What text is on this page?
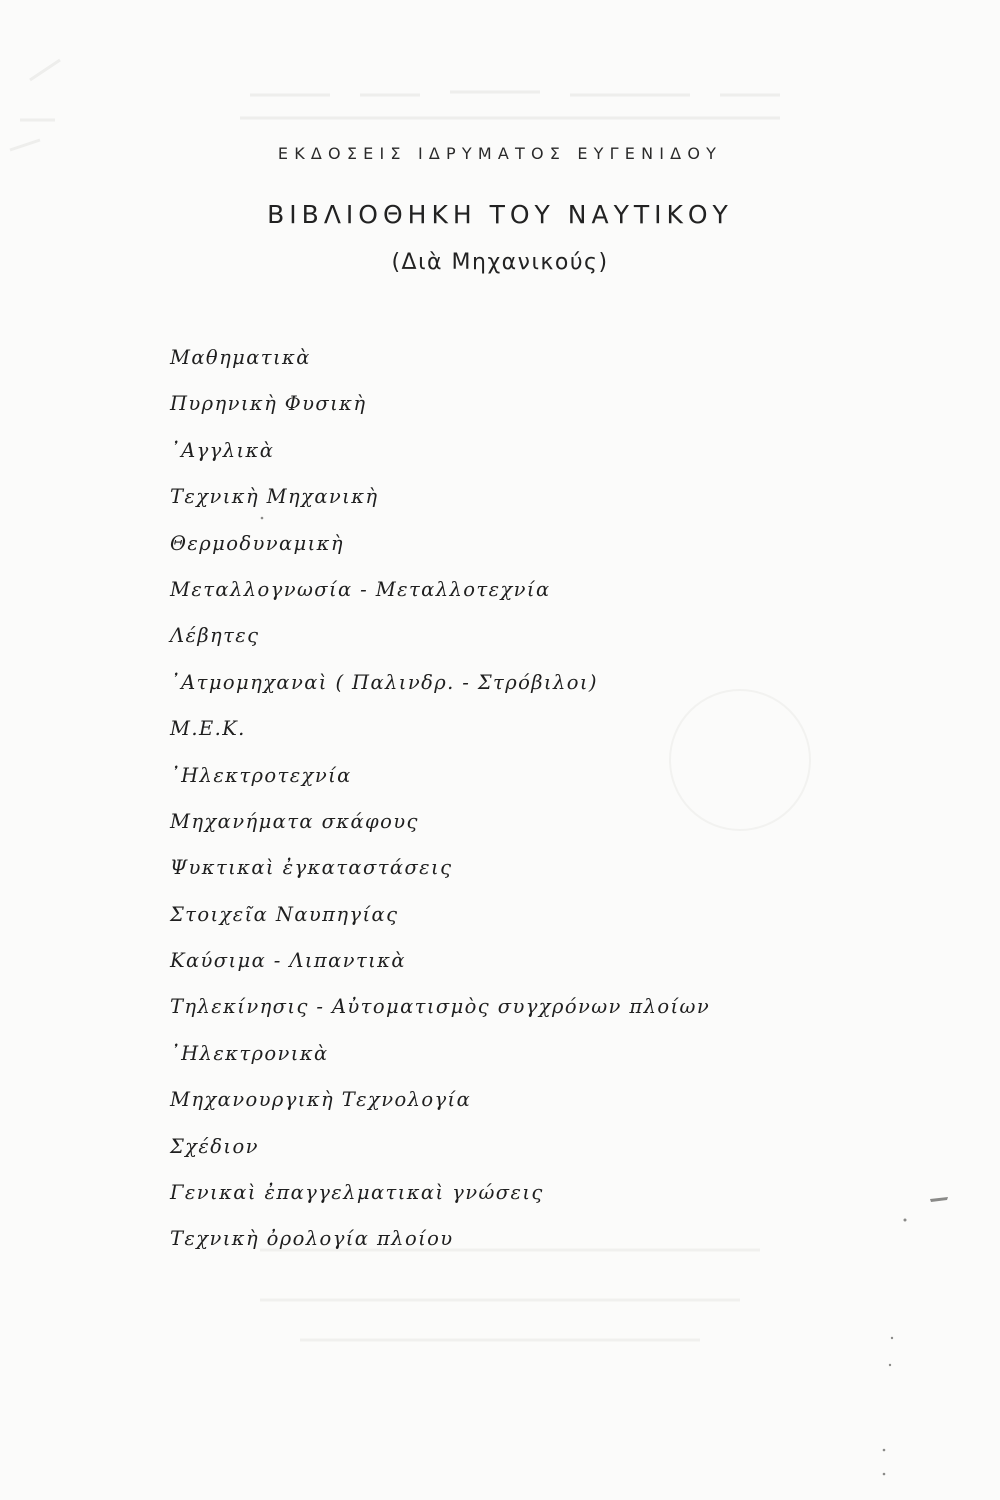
ΕΚΔΟΣΕΙΣ ΙΔΡΥΜΑΤΟΣ ΕΥΓΕΝΙΔΟΥ
ΒΙΒΛΙΟΘΗΚΗ ΤΟΥ ΝΑΥΤΙΚΟΥ
(Διὰ Μηχανικούς)
Μαθηματικὰ
Πυρηνικὴ Φυσικὴ
᾽Αγγλικὰ
Τεχνικὴ Μηχανικὴ
Θερμοδυναμικὴ
Μεταλλογνωσία - Μεταλλοτεχνία
Λέβητες
᾽Ατμομηχαναὶ ( Παλινδρ. - Στρόβιλοι)
Μ.Ε.Κ.
᾽Ηλεκτροτεχνία
Μηχανήματα σκάφους
Ψυκτικαὶ ἐγκαταστάσεις
Στοιχεῖα Ναυπηγίας
Καύσιμα - Λιπαντικὰ
Τηλεκίνησις - Αὐτοματισμὸς συγχρόνων πλοίων
᾽Ηλεκτρονικὰ
Μηχανουργικὴ Τεχνολογία
Σχέδιον
Γενικαὶ ἐπαγγελματικαὶ γνώσεις
Τεχνικὴ ὀρολογία πλοίου
